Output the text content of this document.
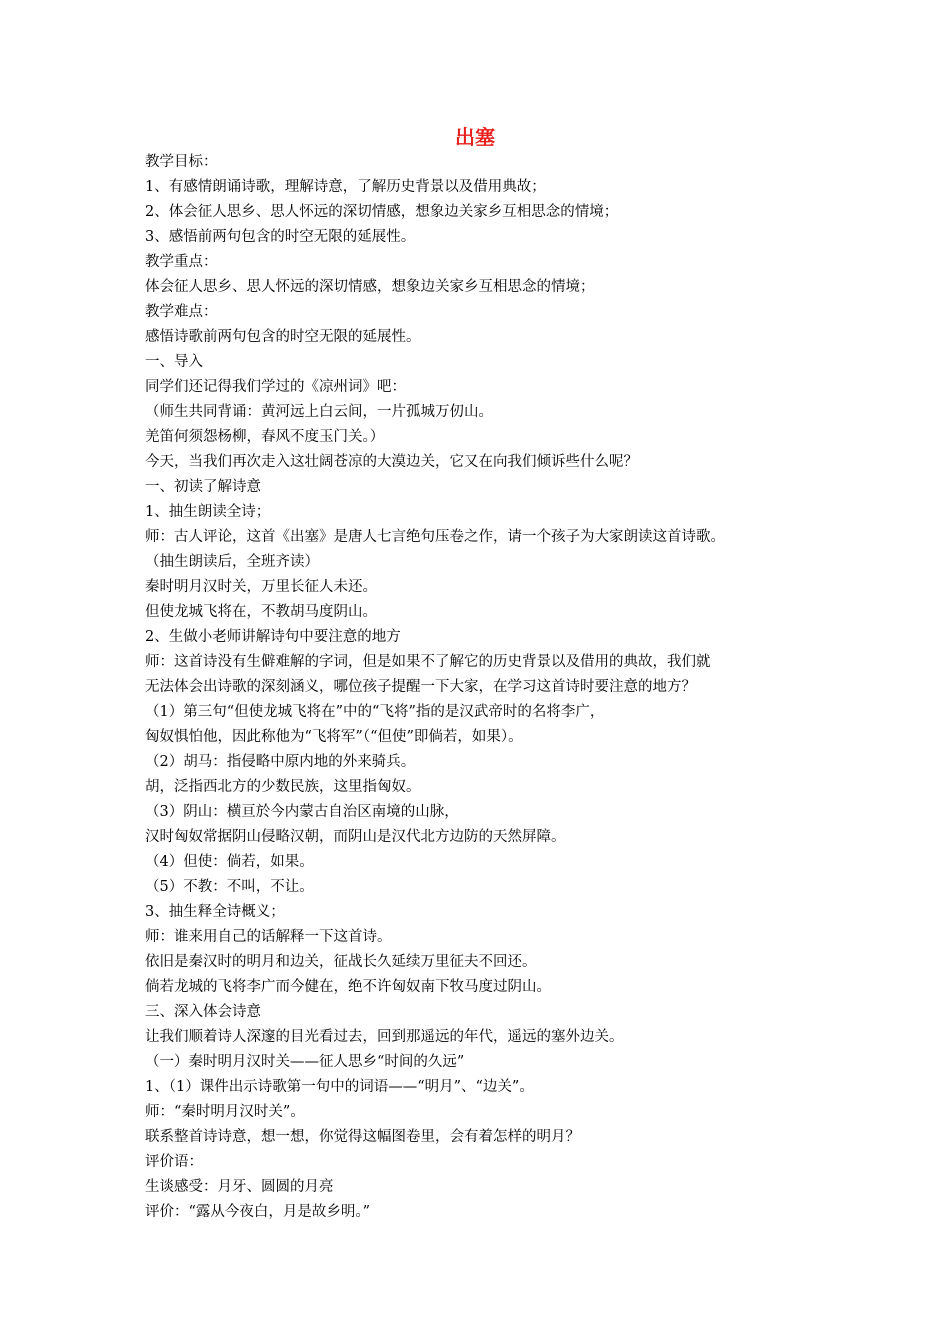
出塞

教学目标：

1、有感情朗诵诗歌，理解诗意，了解历史背景以及借用典故；

2、体会征人思乡、思人怀远的深切情感，想象边关家乡互相思念的情境；

3、感悟前两句包含的时空无限的延展性。

教学重点：

体会征人思乡、思人怀远的深切情感，想象边关家乡互相思念的情境；

教学难点：

感悟诗歌前两句包含的时空无限的延展性。

一、导入

同学们还记得我们学过的《凉州词》吧：

（师生共同背诵：黄河远上白云间，一片孤城万仞山。

羌笛何须怨杨柳，春风不度玉门关。）

今天，当我们再次走入这壮阔苍凉的大漠边关，它又在向我们倾诉些什么呢？

一、初读了解诗意

1、抽生朗读全诗；

师：古人评论，这首《出塞》是唐人七言绝句压卷之作，请一个孩子为大家朗读这首诗歌。

（抽生朗读后，全班齐读）

秦时明月汉时关，万里长征人未还。

但使龙城飞将在，不教胡马度阴山。

2、生做小老师讲解诗句中要注意的地方

师：这首诗没有生僻难解的字词，但是如果不了解它的历史背景以及借用的典故，我们就

无法体会出诗歌的深刻涵义，哪位孩子提醒一下大家，在学习这首诗时要注意的地方？

（1）第三句“但使龙城飞将在”中的“飞将”指的是汉武帝时的名将李广，

匈奴惧怕他，因此称他为“飞将军”（“但使”即倘若，如果）。

（2）胡马：指侵略中原内地的外来骑兵。

胡，泛指西北方的少数民族，这里指匈奴。

（3）阴山：横亘於今内蒙古自治区南境的山脉，

汉时匈奴常据阴山侵略汉朝，而阴山是汉代北方边防的天然屏障。

（4）但使：倘若，如果。

（5）不教：不叫，不让。

3、抽生释全诗概义；

师：谁来用自己的话解释一下这首诗。

依旧是秦汉时的明月和边关，征战长久延续万里征夫不回还。

倘若龙城的飞将李广而今健在，绝不许匈奴南下牧马度过阴山。

三、深入体会诗意

让我们顺着诗人深邃的目光看过去，回到那遥远的年代，遥远的塞外边关。

（一）秦时明月汉时关——征人思乡“时间的久远”

1、（1）课件出示诗歌第一句中的词语——“明月”、“边关”。

师：“秦时明月汉时关”。

联系整首诗诗意，想一想，你觉得这幅图卷里，会有着怎样的明月？

评价语：

生谈感受：月牙、圆圆的月亮

评价：“露从今夜白，月是故乡明。”
